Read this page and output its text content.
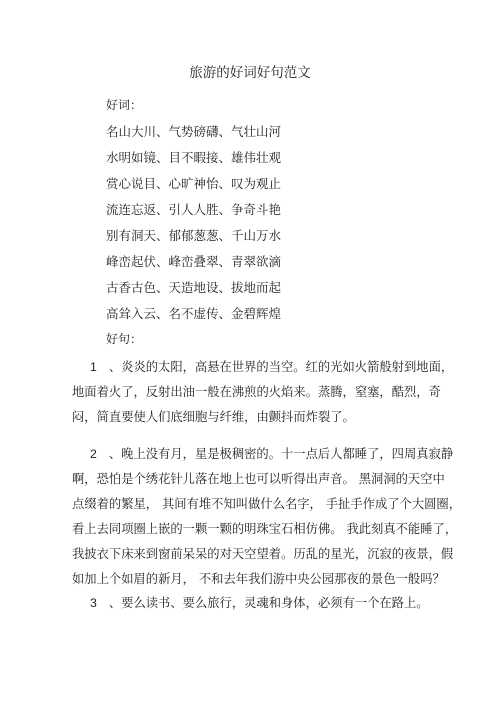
旅游的好词好句范文
好词：
名山大川、气势磅礴、气壮山河
水明如镜、目不暇接、雄伟壮观
赏心说目、心旷神怡、叹为观止
流连忘返、引人人胜、争奇斗艳
别有洞天、郁郁葱葱、千山万水
峰峦起伏、峰峦叠翠、青翠欲滴
古香古色、天造地设、拔地而起
高耸入云、名不虚传、金碧辉煌
好句：
1 、炎炎的太阳，高悬在世界的当空。红的光如火箭般射到地面，
地面着火了，反射出油一般在沸煎的火焰来。蒸腾，窒塞，酷烈，奇
闷，简直要使人们底细胞与纤维，由颤抖而炸裂了。
2 、晚上没有月，星是极稠密的。十一点后人都睡了，四周真寂静
啊，恐怕是个绣花针儿落在地上也可以听得出声音。 黑洞洞的天空中
点缀着的繁星， 其间有堆不知叫做什么名字， 手扯手作成了个大圆圈，
看上去同项圈上嵌的一颗一颗的明珠宝石相仿佛。 我此刻真不能睡了，
我披衣下床来到窗前呆呆的对天空望着。历乱的星光，沉寂的夜景，假
如加上个如眉的新月， 不和去年我们游中央公园那夜的景色一般吗？
3 、要么读书、要么旅行，灵魂和身体，必须有一个在路上。
